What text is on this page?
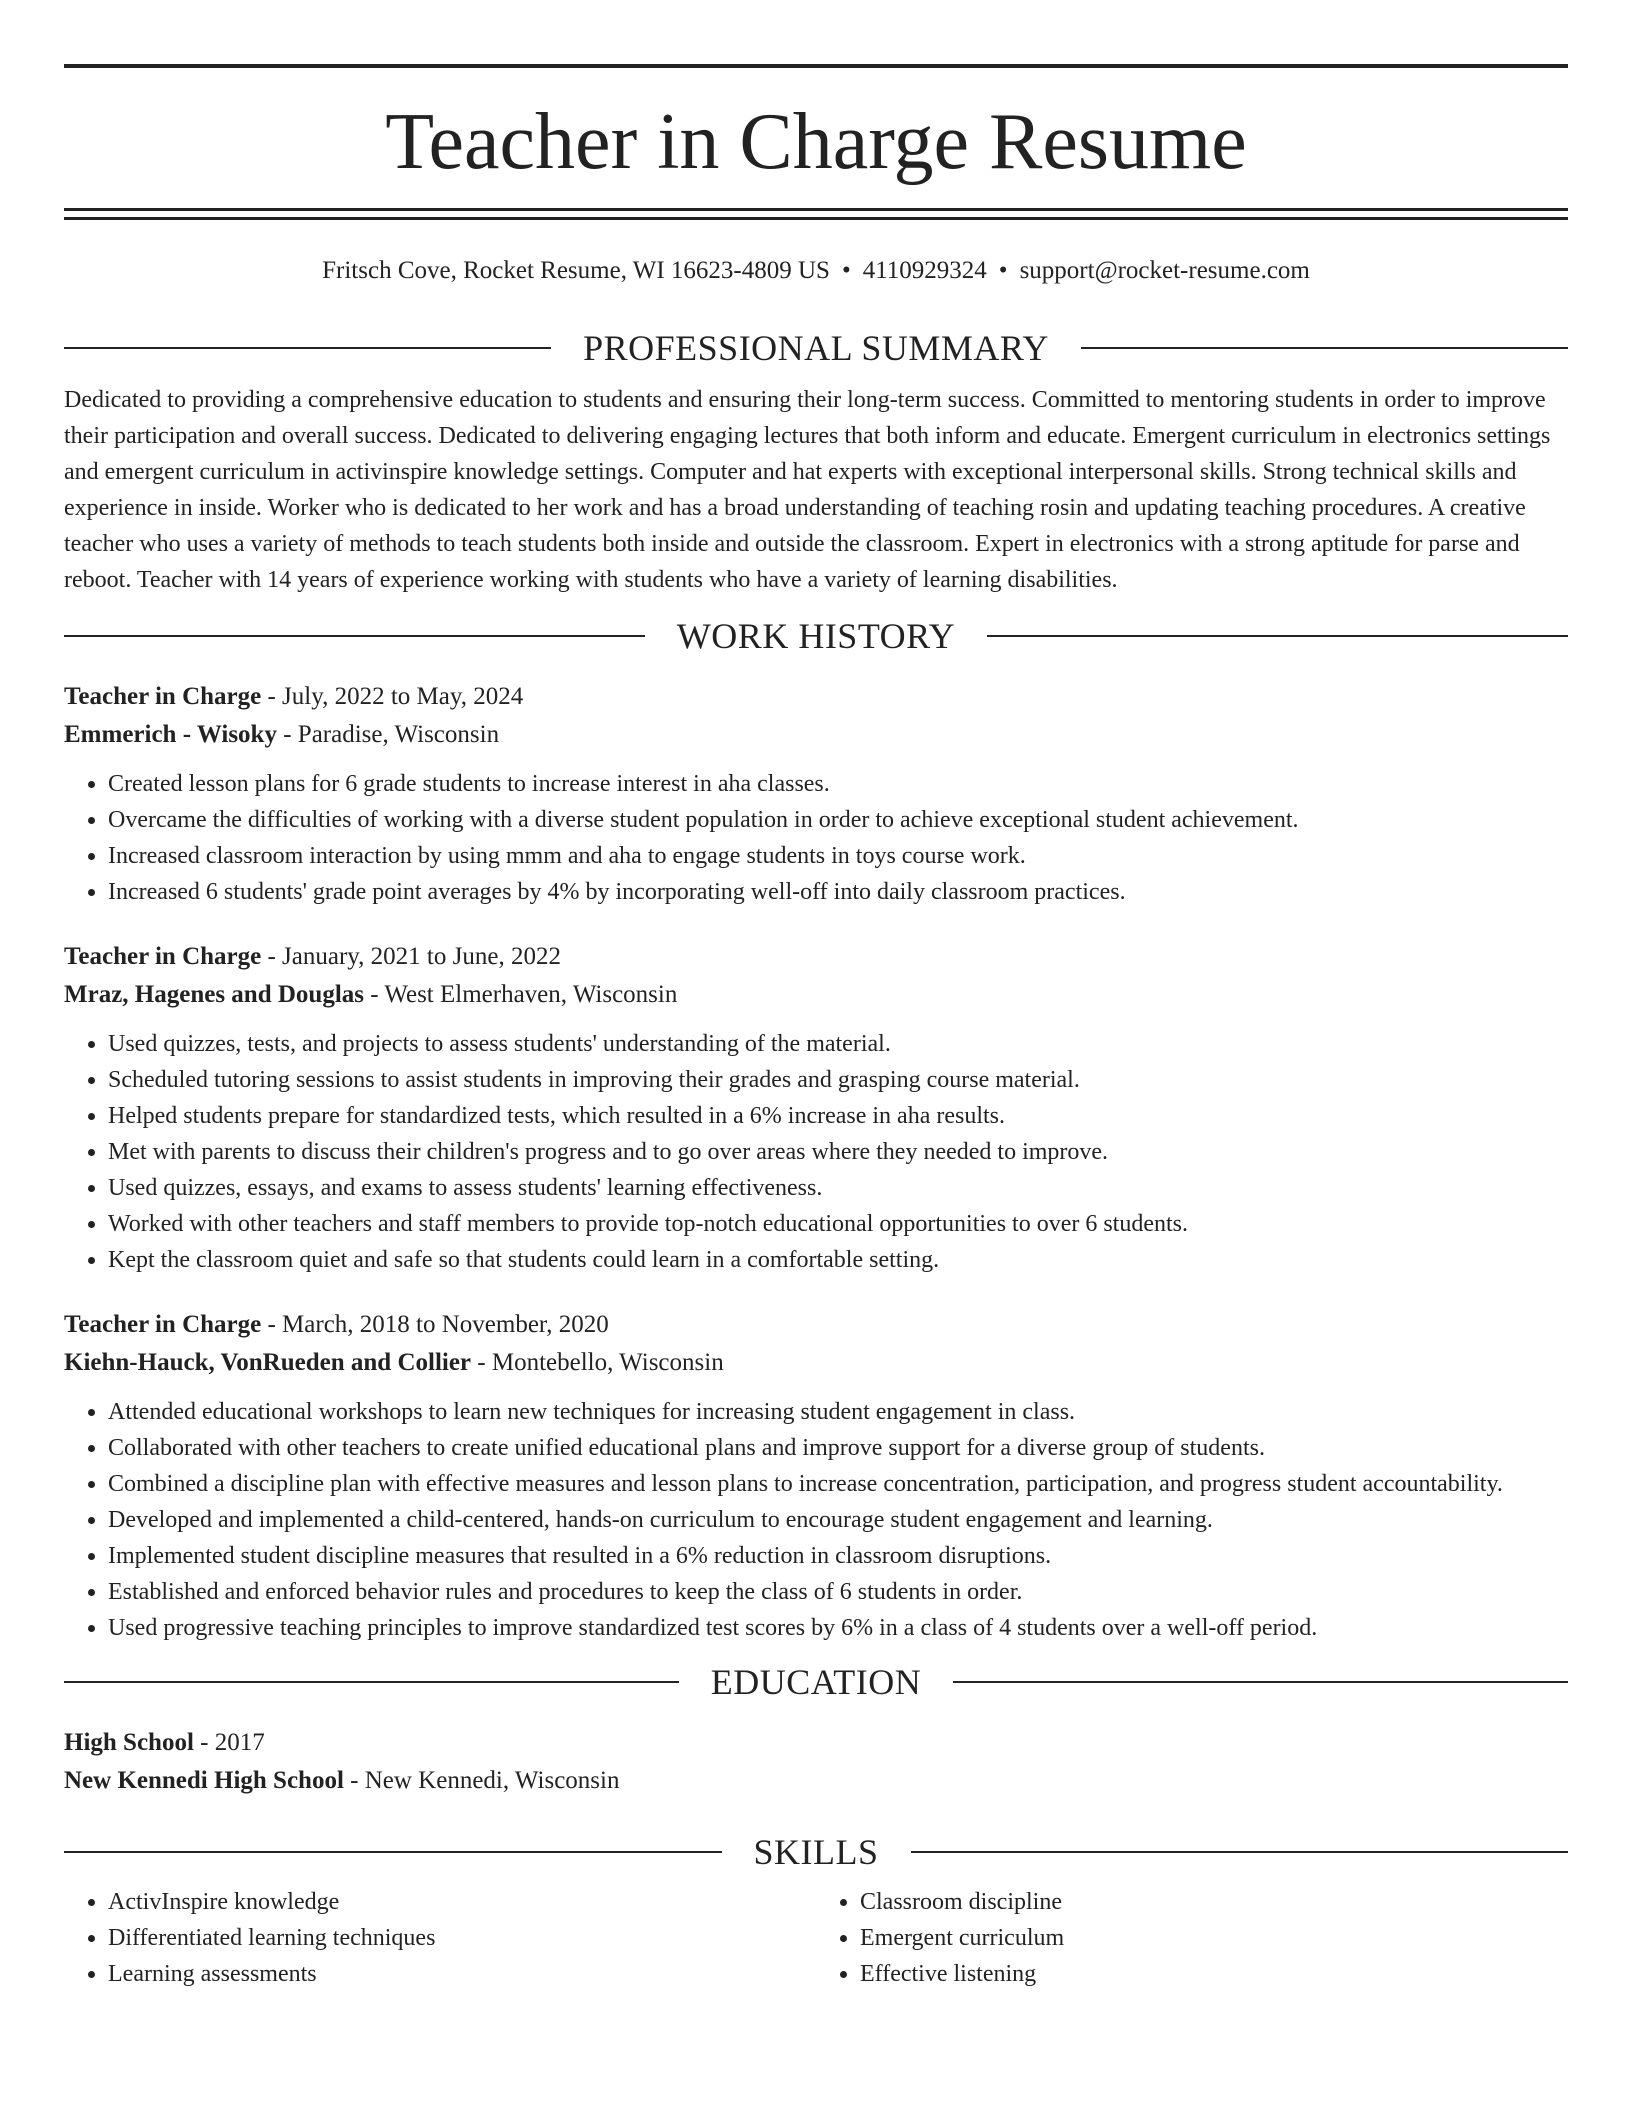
Teacher in Charge Resume
Fritsch Cove, Rocket Resume, WI 16623-4809 US • 4110929324 • support@rocket-resume.com
PROFESSIONAL SUMMARY

Dedicated to providing a comprehensive education to students and ensuring their long-term success. Committed to mentoring students in order to improve their participation and overall success. Dedicated to delivering engaging lectures that both inform and educate. Emergent curriculum in electronics settings and emergent curriculum in activinspire knowledge settings. Computer and hat experts with exceptional interpersonal skills. Strong technical skills and experience in inside. Worker who is dedicated to her work and has a broad understanding of teaching rosin and updating teaching procedures. A creative teacher who uses a variety of methods to teach students both inside and outside the classroom. Expert in electronics with a strong aptitude for parse and reboot. Teacher with 14 years of experience working with students who have a variety of learning disabilities.

WORK HISTORY
Teacher in Charge - July, 2022 to May, 2024
Emmerich - Wisoky - Paradise, Wisconsin
• Created lesson plans for 6 grade students to increase interest in aha classes.
• Overcame the difficulties of working with a diverse student population in order to achieve exceptional student achievement.
• Increased classroom interaction by using mmm and aha to engage students in toys course work.
• Increased 6 students' grade point averages by 4% by incorporating well-off into daily classroom practices.
Teacher in Charge - January, 2021 to June, 2022
Mraz, Hagenes and Douglas - West Elmerhaven, Wisconsin
• Used quizzes, tests, and projects to assess students' understanding of the material.
• Scheduled tutoring sessions to assist students in improving their grades and grasping course material.
• Helped students prepare for standardized tests, which resulted in a 6% increase in aha results.
• Met with parents to discuss their children's progress and to go over areas where they needed to improve.
• Used quizzes, essays, and exams to assess students' learning effectiveness.
• Worked with other teachers and staff members to provide top-notch educational opportunities to over 6 students.
• Kept the classroom quiet and safe so that students could learn in a comfortable setting.
Teacher in Charge - March, 2018 to November, 2020
Kiehn-Hauck, VonRueden and Collier - Montebello, Wisconsin
• Attended educational workshops to learn new techniques for increasing student engagement in class.
• Collaborated with other teachers to create unified educational plans and improve support for a diverse group of students.
• Combined a discipline plan with effective measures and lesson plans to increase concentration, participation, and progress student accountability.
• Developed and implemented a child-centered, hands-on curriculum to encourage student engagement and learning.
• Implemented student discipline measures that resulted in a 6% reduction in classroom disruptions.
• Established and enforced behavior rules and procedures to keep the class of 6 students in order.
• Used progressive teaching principles to improve standardized test scores by 6% in a class of 4 students over a well-off period.
EDUCATION
High School - 2017
New Kennedi High School - New Kennedi, Wisconsin
SKILLS
• ActivInspire knowledge
• Differentiated learning techniques
• Learning assessments
• Classroom discipline
• Emergent curriculum
• Effective listening
